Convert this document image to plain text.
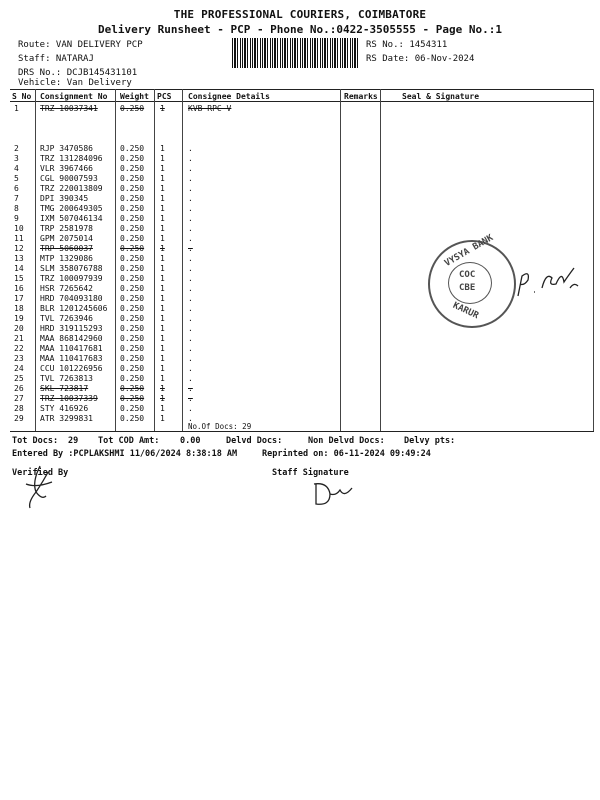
THE PROFESSIONAL COURIERS, COIMBATORE
Delivery Runsheet - PCP - Phone No.:0422-3505555 - Page No.:1
Route: VAN DELIVERY PCP
Staff: NATARAJ
DRS No.: DCJB145431101
Vehicle: Van Delivery
RS No.: 1454311
RS Date: 06-Nov-2024
S No Consignment No Weight PCS Consignee Details	Remarks	Seal & Signature
1	TRZ 10037341	0.250 1	KVB RPC V
2	RJP 3470586	0.250 1	.
3	TRZ 131284096 0.250 1	.
4	VLR 3967466	0.250 1	.
5	CGL 90007593	0.250 1	.
6	TRZ 220013809 0.250 1	.
7	DPI 390345	0.250 1	.
8	TMG 200649305 0.250 1	.
9	IXM 507046134 0.250 1	.
10 TRP 2581978	0.250 1	.
11 GPM 2075014	0.250 1	.
12 TRP 5060037	0.250 1	.
13 MTP 1329086	0.250 1	.
14 SLM 358076788 0.250 1	.
15 TRZ 100097939 0.250 1	.
16 HSR 7265642	0.250 1	.
17 HRD 704093180 0.250 1	.
18 BLR 1201245606 0.250 1	.
19 TVL 7263946	0.250 1	.
20 HRD 319115293 0.250 1	.
21 MAA 868142960 0.250 1	.
22 MAA 110417681 0.250 1	.
23 MAA 110417683 0.250 1	.
24 CCU 101226956 0.250 1	.
25 TVL 7263813	0.250 1	.
26 SKL 723817	0.250 1	.
27 TRZ 10037339	0.250 1	.
28 STY 416926	0.250 1	.
29 ATR 3299831	0.250 1	.
No.Of Docs: 29
VYSYA BANK
KARUR
COC
CBE
Tot Docs: 29 Tot COD Amt: 0.00	Delvd Docs:	Non Delvd Docs: Delvy pts:
Entered By :PCPLAKSHMI 11/06/2024 8:38:18 AM	Reprinted on: 06-11-2024 09:49:24
Verified By	Staff Signature
